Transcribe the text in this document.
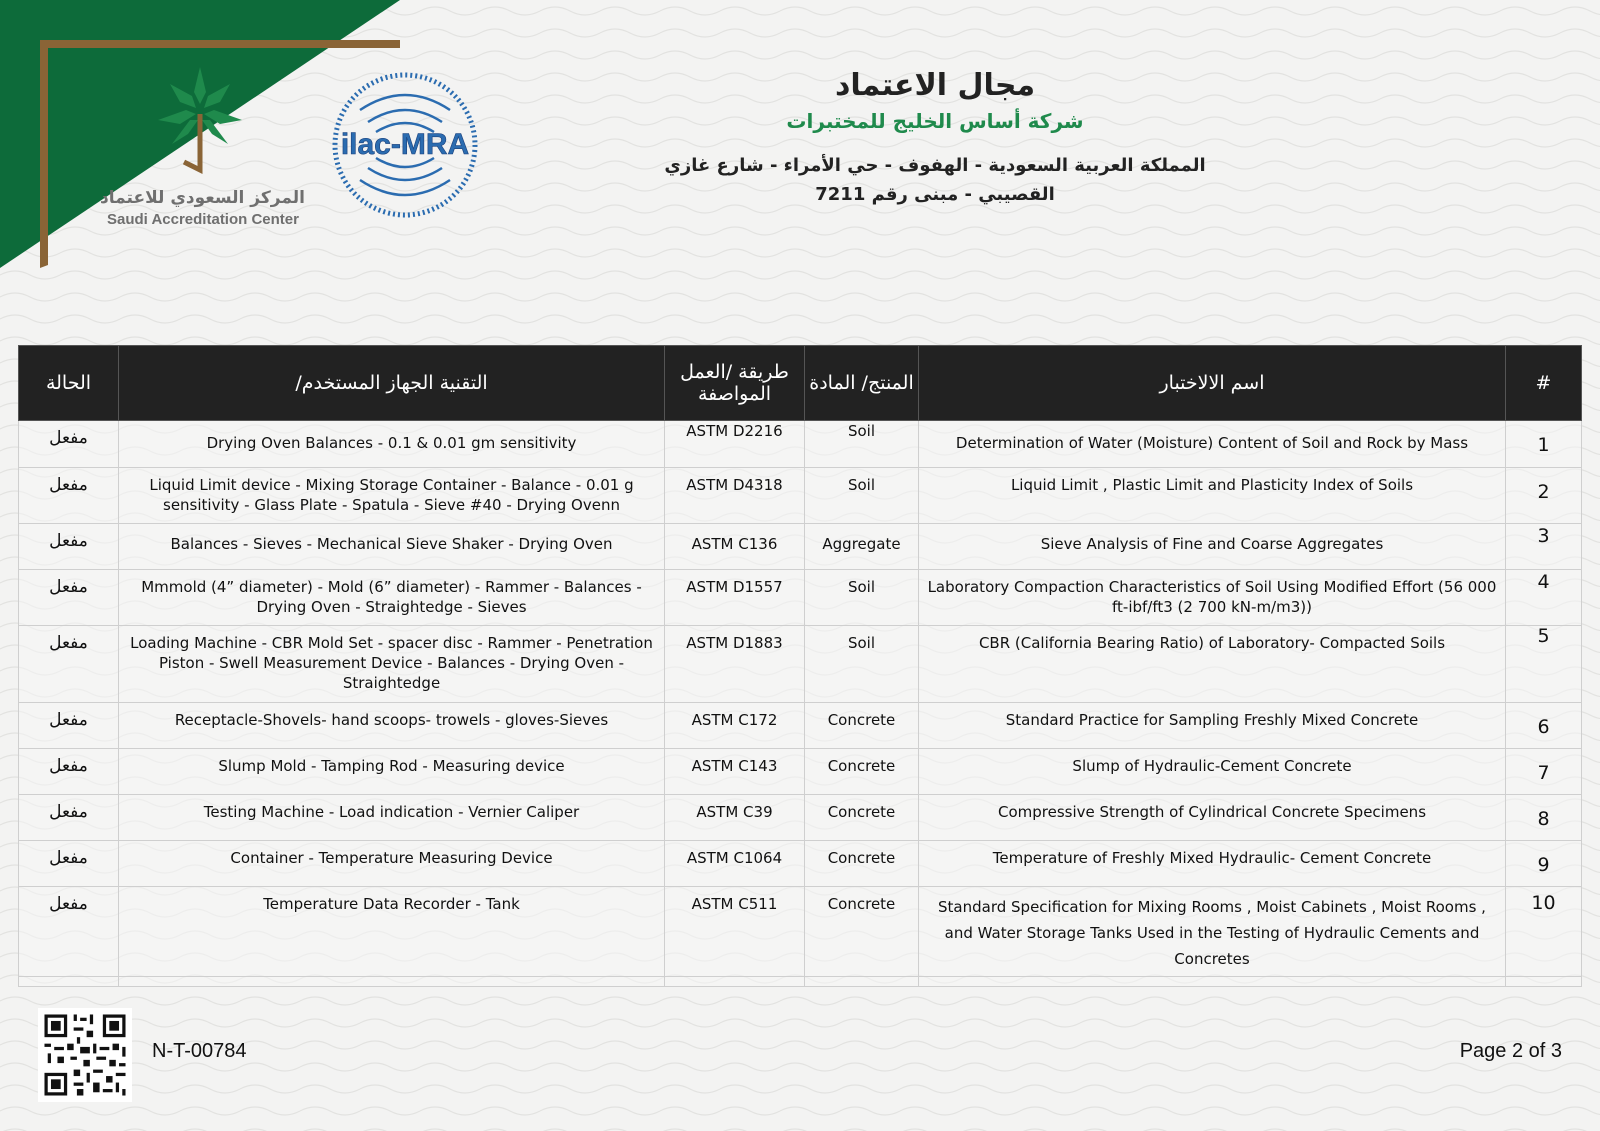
المركز السعودي للاعتماد
Saudi Accreditation Center
ilac-MRA
مجال الاعتماد
شركة أساس الخليج للمختبرات
المملكة العربية السعودية - الهفوف - حي الأمراء - شارع غازي
القصيبي - مبنى رقم 7211
الحالة	التقنية الجهاز المستخدم/	طريقة /العمل المواصفة	المنتج/ المادة	اسم الالاختبار	#
مفعل	Drying Oven Balances - 0.1 & 0.01 gm sensitivity	ASTM D2216	Soil	Determination of Water (Moisture) Content of Soil and Rock by Mass	1
مفعل	Liquid Limit device - Mixing Storage Container - Balance - 0.01 g sensitivity - Glass Plate - Spatula - Sieve #40 - Drying Ovenn	ASTM D4318	Soil	Liquid Limit , Plastic Limit and Plasticity Index of Soils	2
مفعل	Balances - Sieves - Mechanical Sieve Shaker - Drying Oven	ASTM C136	Aggregate	Sieve Analysis of Fine and Coarse Aggregates	3
مفعل	Mmmold (4” diameter) - Mold (6” diameter) - Rammer - Balances - Drying Oven - Straightedge - Sieves	ASTM D1557	Soil	Laboratory Compaction Characteristics of Soil Using Modified Effort (56 000 ft-ibf/ft3 (2 700 kN-m/m3))	4
مفعل	Loading Machine - CBR Mold Set - spacer disc - Rammer - Penetration Piston - Swell Measurement Device - Balances - Drying Oven - Straightedge	ASTM D1883	Soil	CBR (California Bearing Ratio) of Laboratory- Compacted Soils	5
مفعل	Receptacle-Shovels- hand scoops- trowels - gloves-Sieves	ASTM C172	Concrete	Standard Practice for Sampling Freshly Mixed Concrete	6
مفعل	Slump Mold - Tamping Rod - Measuring device	ASTM C143	Concrete	Slump of Hydraulic-Cement Concrete	7
مفعل	Testing Machine - Load indication - Vernier Caliper	ASTM C39	Concrete	Compressive Strength of Cylindrical Concrete Specimens	8
مفعل	Container - Temperature Measuring Device	ASTM C1064	Concrete	Temperature of Freshly Mixed Hydraulic- Cement Concrete	9
مفعل	Temperature Data Recorder - Tank	ASTM C511	Concrete	Standard Specification for Mixing Rooms , Moist Cabinets , Moist Rooms , and Water Storage Tanks Used in the Testing of Hydraulic Cements and Concretes	10

N-T-00784	Page 2 of 3
